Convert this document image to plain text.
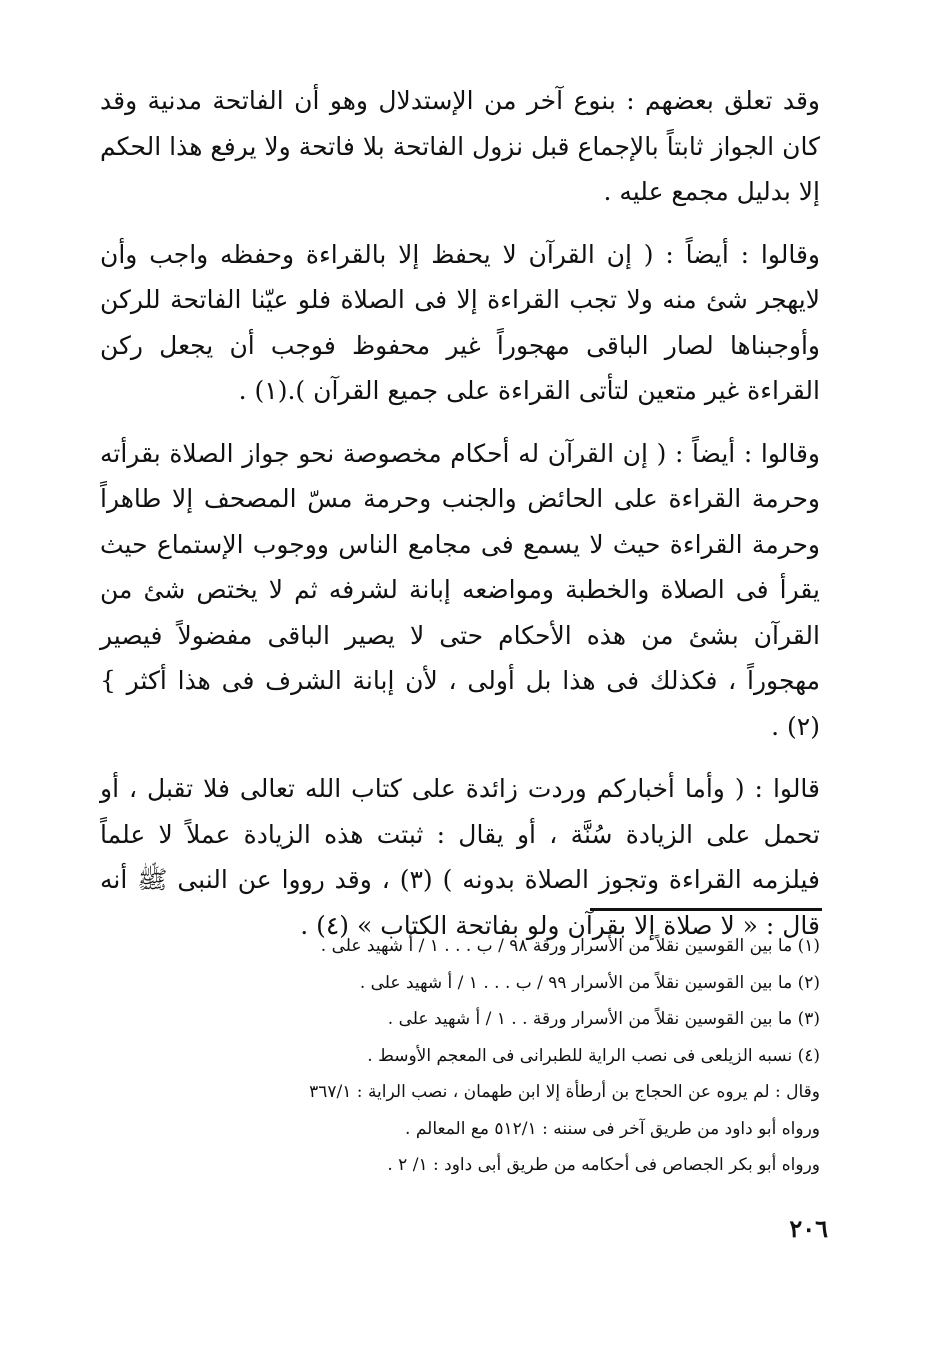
وقد تعلق بعضهم : بنوع آخر من الإستدلال وهو أن الفاتحة مدنية وقد كان الجواز ثابتاً بالإجماع قبل نزول الفاتحة بلا فاتحة ولا يرفع هذا الحكم إلا بدليل مجمع عليه .

وقالوا : أيضاً : ( إن القرآن لا يحفظ إلا بالقراءة وحفظه واجب وأن لايهجر شئ منه ولا تجب القراءة إلا فى الصلاة فلو عيّنا الفاتحة للركن وأوجبناها لصار الباقى مهجوراً غير محفوظ فوجب أن يجعل ركن القراءة غير متعين لتأتى القراءة على جميع القرآن ).(١) .

وقالوا : أيضاً : ( إن القرآن له أحكام مخصوصة نحو جواز الصلاة بقرأته وحرمة القراءة على الحائض والجنب وحرمة مسّ المصحف إلا طاهراً وحرمة القراءة حيث لا يسمع فى مجامع الناس ووجوب الإستماع حيث يقرأ فى الصلاة والخطبة ومواضعه إبانة لشرفه ثم لا يختص شئ من القرآن بشئ من هذه الأحكام حتى لا يصير الباقى مفضولاً فيصير مهجوراً ، فكذلك فى هذا بل أولى ، لأن إبانة الشرف فى هذا أكثر } (٢) .

قالوا : ( وأما أخباركم وردت زائدة على كتاب الله تعالى فلا تقبل ، أو تحمل على الزيادة سُنَّة ، أو يقال : ثبتت هذه الزيادة عملاً لا علماً فيلزمه القراءة وتجوز الصلاة بدونه ) (٣) ، وقد رووا عن النبى ﷺ أنه قال : « لا صلاة إلا بقرآن ولو بفاتحة الكتاب » (٤) .

(١) ما بين القوسين نقلاً من الأسرار ورقة ٩٨ / ب . . . ١ / أ شهيد على .
(٢) ما بين القوسين نقلاً من الأسرار ٩٩ / ب . . . ١ / أ شهيد على .
(٣) ما بين القوسين نقلاً من الأسرار ورقة . . ١ / أ شهيد على .
(٤) نسبه الزيلعى فى نصب الراية للطبرانى فى المعجم الأوسط .
وقال : لم يروه عن الحجاج بن أرطأة إلا ابن طهمان ، نصب الراية : ٣٦٧/١
ورواه أبو داود من طريق آخر فى سننه : ٥١٢/١ مع المعالم .
ورواه أبو بكر الجصاص فى أحكامه من طريق أبى داود : ١/ ٢ .
٢٠٦
